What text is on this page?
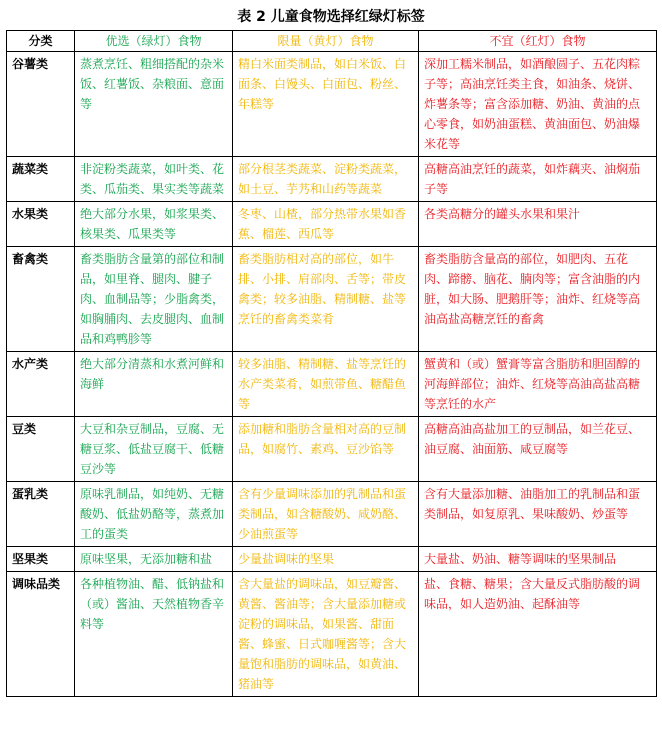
表 2 儿童食物选择红绿灯标签
分类	优选（绿灯）食物	限量（黄灯）食物	不宜（红灯）食物
谷薯类	蒸煮烹饪、粗细搭配的杂米饭、红薯饭、杂粮面、意面等	精白米面类制品，如白米饭、白面条、白馒头、白面包、粉丝、年糕等	深加工糯米制品，如酒酿圆子、五花肉粽子等；高油烹饪类主食，如油条、烧饼、炸薯条等；富含添加糖、奶油、黄油的点心零食，如奶油蛋糕、黄油面包、奶油爆米花等
蔬菜类	非淀粉类蔬菜，如叶类、花类、瓜茄类、果实类等蔬菜	部分根茎类蔬菜、淀粉类蔬菜，如土豆、芋艿和山药等蔬菜	高糖高油烹饪的蔬菜，如炸藕夹、油焖茄子等
水果类	绝大部分水果，如浆果类、核果类、瓜果类等	冬枣、山楂，部分热带水果如香蕉、榴莲、西瓜等	各类高糖分的罐头水果和果汁
畜禽类	畜类脂肪含量第的部位和制品，如里脊、腿肉、腱子肉、血制品等；少脂禽类，如胸脯肉、去皮腿肉、血制品和鸡鸭胗等	畜类脂肪相对高的部位，如牛排、小排、肩部肉、舌等；带皮禽类；较多油脂、精制糖、盐等烹饪的畜禽类菜肴	畜类脂肪含量高的部位，如肥肉、五花肉、蹄髈、脑花、腩肉等；富含油脂的内脏，如大肠、肥鹅肝等；油炸、红烧等高油高盐高糖烹饪的畜禽
水产类	绝大部分清蒸和水煮河鲜和海鲜	较多油脂、精制糖、盐等烹饪的水产类菜肴，如煎带鱼、糖醋鱼等	蟹黄和（或）蟹膏等富含脂肪和胆固醇的河海鲜部位；油炸、红烧等高油高盐高糖等烹饪的水产
豆类	大豆和杂豆制品，豆腐、无糖豆浆、低盐豆腐干、低糖豆沙等	添加糖和脂肪含量相对高的豆制品，如腐竹、素鸡、豆沙馅等	高糖高油高盐加工的豆制品，如兰花豆、油豆腐、油面筋、咸豆腐等
蛋乳类	原味乳制品，如纯奶、无糖酸奶、低盐奶酪等，蒸煮加工的蛋类	含有少量调味添加的乳制品和蛋类制品，如含糖酸奶、咸奶酪、少油煎蛋等	含有大量添加糖、油脂加工的乳制品和蛋类制品，如复原乳、果味酸奶、炒蛋等
坚果类	原味坚果，无添加糖和盐	少量盐调味的坚果	大量盐、奶油、糖等调味的坚果制品
调味品类	各种植物油、醋、低钠盐和（或）酱油、天然植物香辛料等	含大量盐的调味品，如豆瓣酱、黄酱、酱油等；含大量添加糖或淀粉的调味品，如果酱、甜面酱、蜂蜜、日式咖喱酱等；含大量饱和脂肪的调味品，如黄油、猪油等	盐、食糖、糖果；含大量反式脂肪酸的调味品，如人造奶油、起酥油等
